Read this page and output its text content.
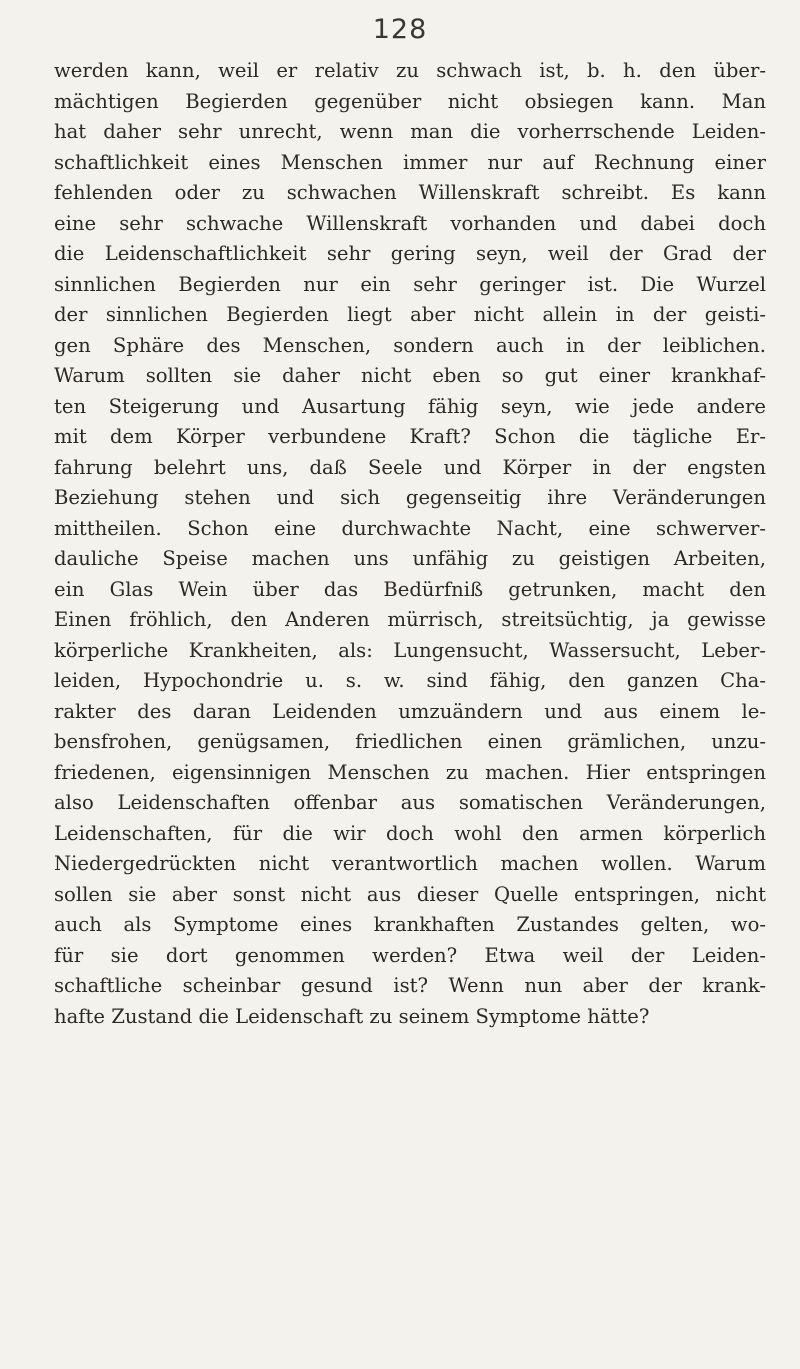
128
werden kann, weil er relativ zu schwach ist, b. h. den über-
mächtigen Begierden gegenüber nicht obsiegen kann. Man
hat daher sehr unrecht, wenn man die vorherrschende Leiden-
schaftlichkeit eines Menschen immer nur auf Rechnung einer
fehlenden oder zu schwachen Willenskraft schreibt. Es kann
eine sehr schwache Willenskraft vorhanden und dabei doch
die Leidenschaftlichkeit sehr gering seyn, weil der Grad der
sinnlichen Begierden nur ein sehr geringer ist. Die Wurzel
der sinnlichen Begierden liegt aber nicht allein in der geisti-
gen Sphäre des Menschen, sondern auch in der leiblichen.
Warum sollten sie daher nicht eben so gut einer krankhaf-
ten Steigerung und Ausartung fähig seyn, wie jede andere
mit dem Körper verbundene Kraft? Schon die tägliche Er-
fahrung belehrt uns, daß Seele und Körper in der engsten
Beziehung stehen und sich gegenseitig ihre Veränderungen
mittheilen. Schon eine durchwachte Nacht, eine schwerver-
dauliche Speise machen uns unfähig zu geistigen Arbeiten,
ein Glas Wein über das Bedürfniß getrunken, macht den
Einen fröhlich, den Anderen mürrisch, streitsüchtig, ja gewisse
körperliche Krankheiten, als: Lungensucht, Wassersucht, Leber-
leiden, Hypochondrie u. s. w. sind fähig, den ganzen Cha-
rakter des daran Leidenden umzuändern und aus einem le-
bensfrohen, genügsamen, friedlichen einen grämlichen, unzu-
friedenen, eigensinnigen Menschen zu machen. Hier entspringen
also Leidenschaften offenbar aus somatischen Veränderungen,
Leidenschaften, für die wir doch wohl den armen körperlich
Niedergedrückten nicht verantwortlich machen wollen. Warum
sollen sie aber sonst nicht aus dieser Quelle entspringen, nicht
auch als Symptome eines krankhaften Zustandes gelten, wo-
für sie dort genommen werden? Etwa weil der Leiden-
schaftliche scheinbar gesund ist? Wenn nun aber der krank-
hafte Zustand die Leidenschaft zu seinem Symptome hätte?
